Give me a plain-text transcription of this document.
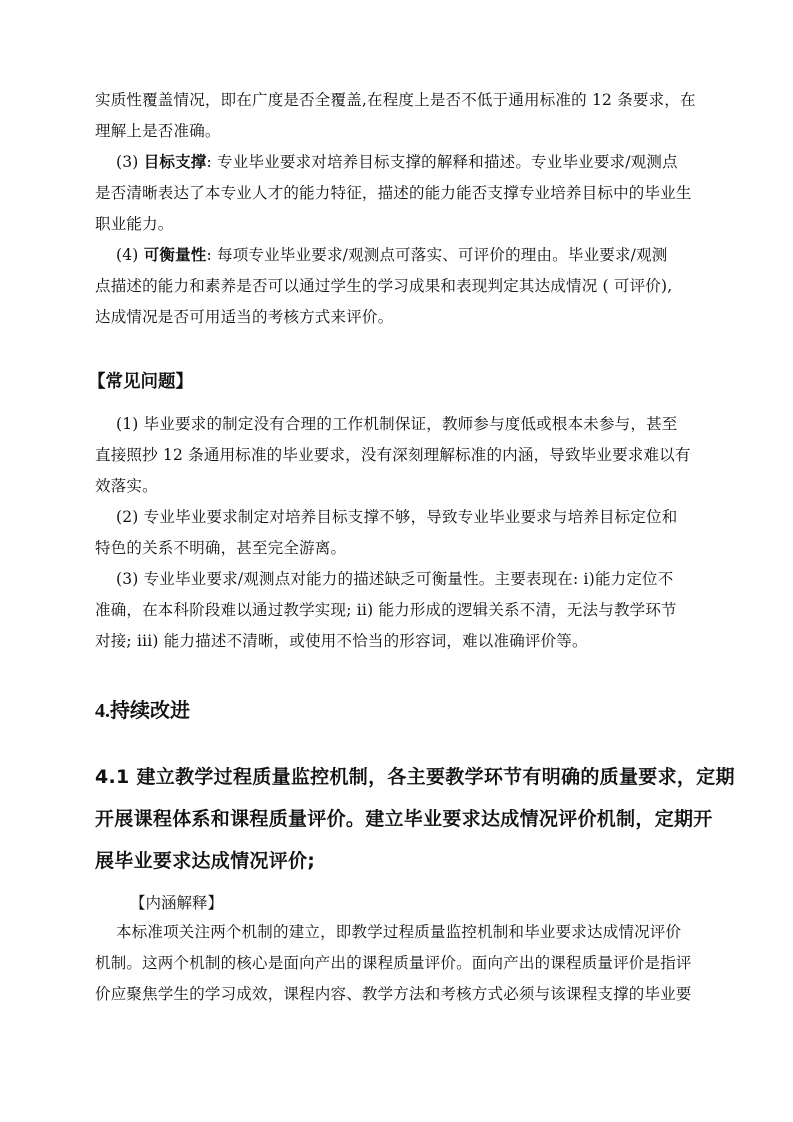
实质性覆盖情况，即在广度是否全覆盖,在程度上是否不低于通用标准的 12 条要求，在
理解上是否准确。
(3) 目标支撑: 专业毕业要求对培养目标支撑的解释和描述。专业毕业要求/观测点
是否清晰表达了本专业人才的能力特征，描述的能力能否支撑专业培养目标中的毕业生
职业能力。
(4) 可衡量性: 每项专业毕业要求/观测点可落实、可评价的理由。毕业要求/观测
点描述的能力和素养是否可以通过学生的学习成果和表现判定其达成情况 ( 可评价),
达成情况是否可用适当的考核方式来评价。
【常见问题】
(1) 毕业要求的制定没有合理的工作机制保证，教师参与度低或根本未参与，甚至
直接照抄 12 条通用标准的毕业要求，没有深刻理解标准的内涵，导致毕业要求难以有
效落实。
(2) 专业毕业要求制定对培养目标支撑不够，导致专业毕业要求与培养目标定位和
特色的关系不明确，甚至完全游离。
(3) 专业毕业要求/观测点对能力的描述缺乏可衡量性。主要表现在: i)能力定位不
准确，在本科阶段难以通过教学实现; ii) 能力形成的逻辑关系不清，无法与教学环节
对接; iii) 能力描述不清晰，或使用不恰当的形容词，难以准确评价等。
4.持续改进
4.1 建立教学过程质量监控机制，各主要教学环节有明确的质量要求，定期
开展课程体系和课程质量评价。建立毕业要求达成情况评价机制，定期开
展毕业要求达成情况评价;
【内涵解释】
本标准项关注两个机制的建立，即教学过程质量监控机制和毕业要求达成情况评价
机制。这两个机制的核心是面向产出的课程质量评价。面向产出的课程质量评价是指评
价应聚焦学生的学习成效，课程内容、教学方法和考核方式必须与该课程支撑的毕业要
